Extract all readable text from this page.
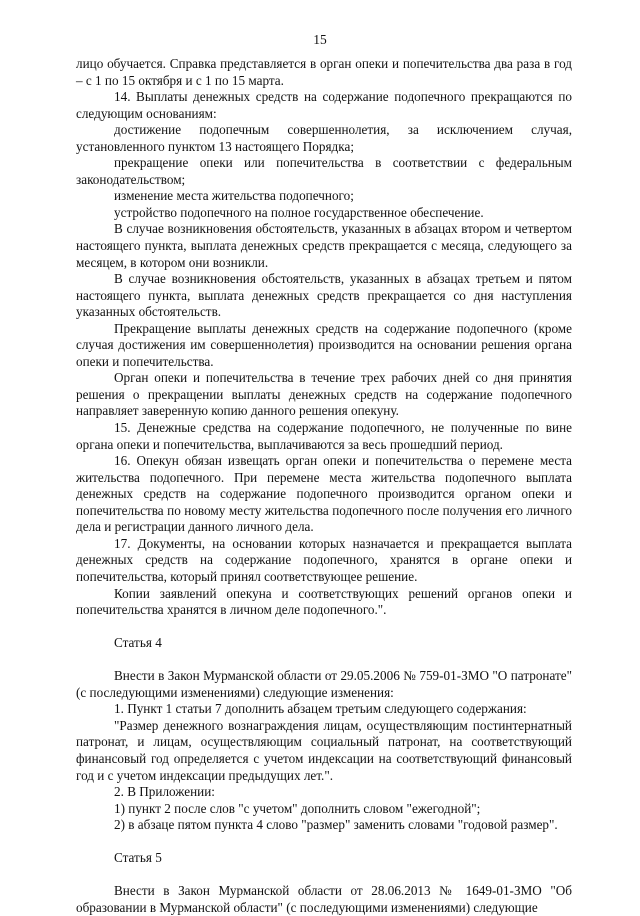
15

лицо обучается. Справка представляется в орган опеки и попечительства два раза в год – с 1 по 15 октября и с 1 по 15 марта.

14. Выплаты денежных средств на содержание подопечного прекращаются по следующим основаниям:

достижение подопечным совершеннолетия, за исключением случая, установленного пунктом 13 настоящего Порядка;

прекращение опеки или попечительства в соответствии с федеральным законодательством;

изменение места жительства подопечного;

устройство подопечного на полное государственное обеспечение.

В случае возникновения обстоятельств, указанных в абзацах втором и четвертом настоящего пункта, выплата денежных средств прекращается с месяца, следующего за месяцем, в котором они возникли.

В случае возникновения обстоятельств, указанных в абзацах третьем и пятом настоящего пункта, выплата денежных средств прекращается со дня наступления указанных обстоятельств.

Прекращение выплаты денежных средств на содержание подопечного (кроме случая достижения им совершеннолетия) производится на основании решения органа опеки и попечительства.

Орган опеки и попечительства в течение трех рабочих дней со дня принятия решения о прекращении выплаты денежных средств на содержание подопечного направляет заверенную копию данного решения опекуну.

15. Денежные средства на содержание подопечного, не полученные по вине органа опеки и попечительства, выплачиваются за весь прошедший период.

16. Опекун обязан извещать орган опеки и попечительства о перемене места жительства подопечного. При перемене места жительства подопечного выплата денежных средств на содержание подопечного производится органом опеки и попечительства по новому месту жительства подопечного после получения его личного дела и регистрации данного личного дела.

17. Документы, на основании которых назначается и прекращается выплата денежных средств на содержание подопечного, хранятся в органе опеки и попечительства, который принял соответствующее решение.

Копии заявлений опекуна и соответствующих решений органов опеки и попечительства хранятся в личном деле подопечного.".

Статья 4

Внести в Закон Мурманской области от 29.05.2006 № 759-01-ЗМО "О патронате" (с последующими изменениями) следующие изменения:

1. Пункт 1 статьи 7 дополнить абзацем третьим следующего содержания:

"Размер денежного вознаграждения лицам, осуществляющим постинтернатный патронат, и лицам, осуществляющим социальный патронат, на соответствующий финансовый год определяется с учетом индексации на соответствующий финансовый год и с учетом индексации предыдущих лет.".

2. В Приложении:

1) пункт 2 после слов "с учетом" дополнить словом "ежегодной";

2) в абзаце пятом пункта 4 слово "размер" заменить словами "годовой размер".

Статья 5

Внести в Закон Мурманской области от 28.06.2013 № 1649-01-ЗМО "Об образовании в Мурманской области" (с последующими изменениями) следующие
